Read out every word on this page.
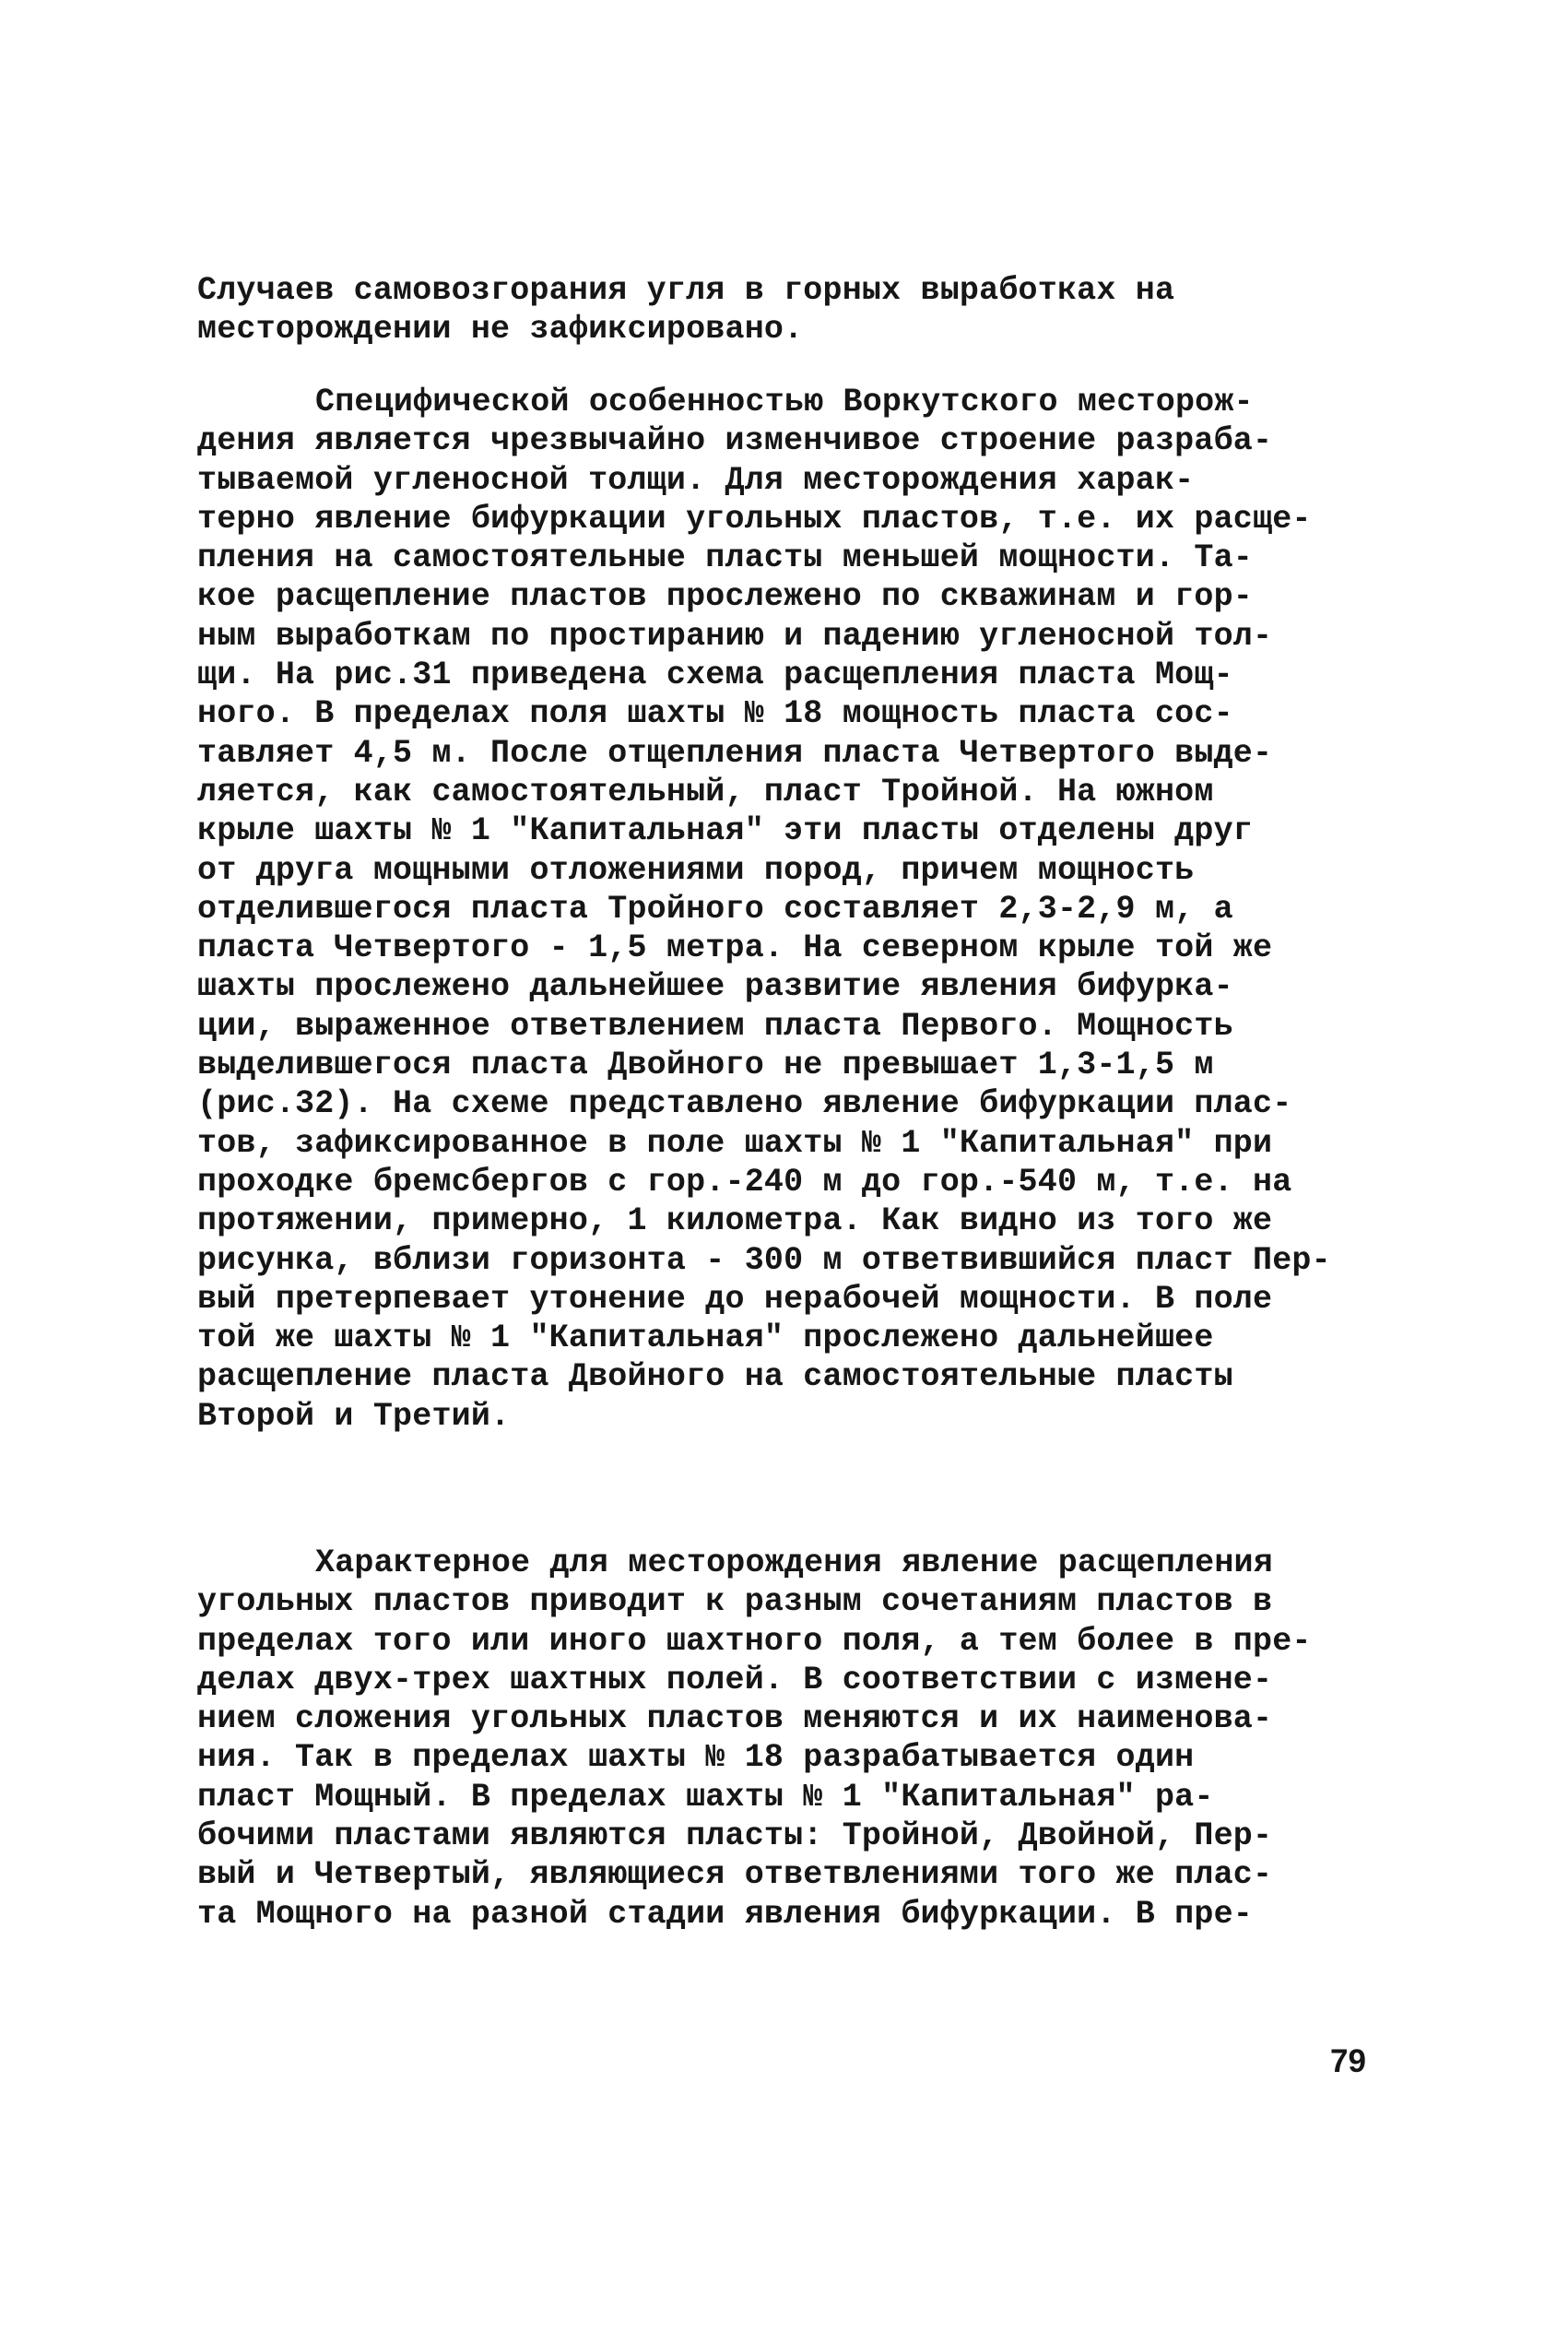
Случаев самовозгорания угля в горных выработках на
месторождении не зафиксировано.
Специфической особенностью Воркутского месторож-
дения является чрезвычайно изменчивое строение разраба-
тываемой угленосной толщи. Для месторождения харак-
терно явление бифуркации угольных пластов, т.е. их расще-
пления на самостоятельные пласты меньшей мощности. Та-
кое расщепление пластов прослежено по скважинам и гор-
ным выработкам по простиранию и падению угленосной тол-
щи. На рис.31 приведена схема расщепления пласта Мощ-
ного. В пределах поля шахты № 18 мощность пласта сос-
тавляет 4,5 м. После отщепления пласта Четвертого выде-
ляется, как самостоятельный, пласт Тройной. На южном
крыле шахты № 1 "Капитальная" эти пласты отделены друг
от друга мощными отложениями пород, причем мощность
отделившегося пласта Тройного составляет 2,3-2,9 м, а
пласта Четвертого - 1,5 метра. На северном крыле той же
шахты прослежено дальнейшее развитие явления бифурка-
ции, выраженное ответвлением пласта Первого. Мощность
выделившегося пласта Двойного не превышает 1,3-1,5 м
(рис.32). На схеме представлено явление бифуркации плас-
тов, зафиксированное в поле шахты № 1 "Капитальная" при
проходке бремсбергов с гор.-240 м до гор.-540 м, т.е. на
протяжении, примерно, 1 километра. Как видно из того же
рисунка, вблизи горизонта - 300 м ответвившийся пласт Пер-
вый претерпевает утонение до нерабочей мощности. В поле
той же шахты № 1 "Капитальная" прослежено дальнейшее
расщепление пласта Двойного на самостоятельные пласты
Второй и Третий.
Характерное для месторождения явление расщепления
угольных пластов приводит к разным сочетаниям пластов в
пределах того или иного шахтного поля, а тем более в пре-
делах двух-трех шахтных полей. В соответствии с измене-
нием сложения угольных пластов меняются и их наименова-
ния. Так в пределах шахты № 18 разрабатывается один
пласт Мощный. В пределах шахты № 1 "Капитальная" ра-
бочими пластами являются пласты: Тройной, Двойной, Пер-
вый и Четвертый, являющиеся ответвлениями того же плас-
та Мощного на разной стадии явления бифуркации. В пре-
79
